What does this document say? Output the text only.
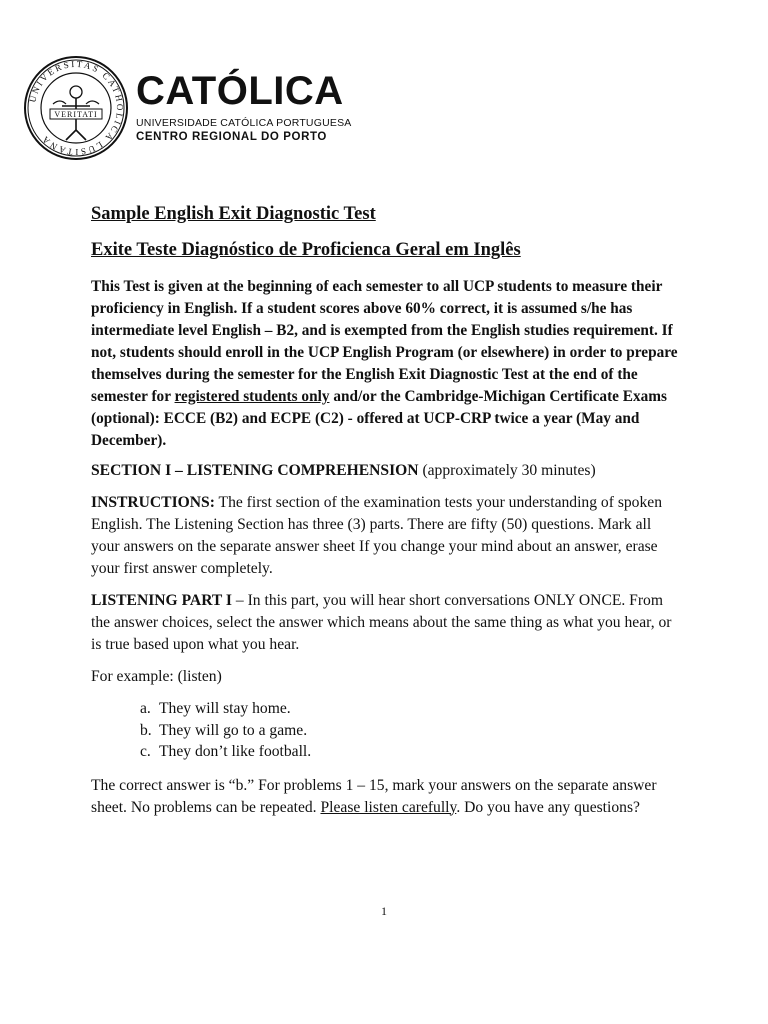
UNIVERSITAS CATHOLICA LUSITANA
VERITATI
CATÓLICA
UNIVERSIDADE CATÓLICA PORTUGUESA
CENTRO REGIONAL DO PORTO
Sample English Exit Diagnostic Test
Exite Teste Diagnóstico de Proficienca Geral em Inglês

This Test is given at the beginning of each semester to all UCP students to measure their proficiency in English. If a student scores above 60% correct, it is assumed s/he has intermediate level English – B2, and is exempted from the English studies requirement. If not, students should enroll in the UCP English Program (or elsewhere) in order to prepare themselves during the semester for the English Exit Diagnostic Test at the end of the semester for registered students only and/or the Cambridge-Michigan Certificate Exams (optional): ECCE (B2) and ECPE (C2) - offered at UCP-CRP twice a year (May and December).

SECTION I – LISTENING COMPREHENSION (approximately 30 minutes)

INSTRUCTIONS: The first section of the examination tests your understanding of spoken English. The Listening Section has three (3) parts. There are fifty (50) questions. Mark all your answers on the separate answer sheet If you change your mind about an answer, erase your first answer completely.

LISTENING PART I – In this part, you will hear short conversations ONLY ONCE. From the answer choices, select the answer which means about the same thing as what you hear, or is true based upon what you hear.

For example: (listen)

a. They will stay home.
b. They will go to a game.
c. They don’t like football.

The correct answer is “b.” For problems 1 – 15, mark your answers on the separate answer sheet. No problems can be repeated. Please listen carefully. Do you have any questions?

1
